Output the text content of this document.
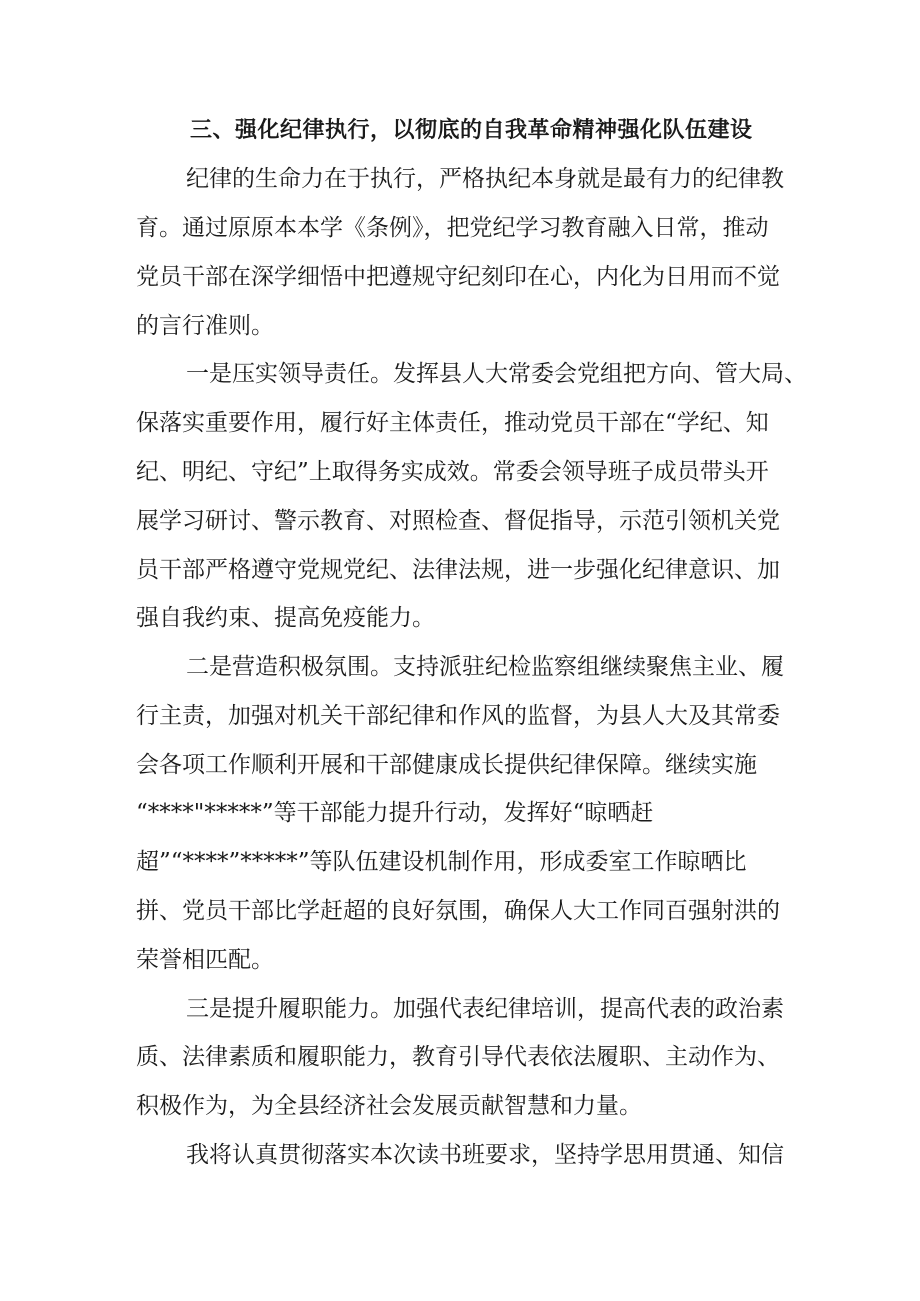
三、强化纪律执行，以彻底的自我革命精神强化队伍建设

纪律的生命力在于执行，严格执纪本身就是最有力的纪律教

育。通过原原本本学《条例》，把党纪学习教育融入日常，推动

党员干部在深学细悟中把遵规守纪刻印在心，内化为日用而不觉

的言行准则。

一是压实领导责任。发挥县人大常委会党组把方向、管大局、

保落实重要作用，履行好主体责任，推动党员干部在“学纪、知

纪、明纪、守纪”上取得务实成效。常委会领导班子成员带头开

展学习研讨、警示教育、对照检查、督促指导，示范引领机关党

员干部严格遵守党规党纪、法律法规，进一步强化纪律意识、加

强自我约束、提高免疫能力。

二是营造积极氛围。支持派驻纪检监察组继续聚焦主业、履

行主责，加强对机关干部纪律和作风的监督，为县人大及其常委

会各项工作顺利开展和干部健康成长提供纪律保障。继续实施

“****"*****”等干部能力提升行动，发挥好“晾晒赶

超”“****”*****”等队伍建设机制作用，形成委室工作晾晒比

拼、党员干部比学赶超的良好氛围，确保人大工作同百强射洪的

荣誉相匹配。

三是提升履职能力。加强代表纪律培训，提高代表的政治素

质、法律素质和履职能力，教育引导代表依法履职、主动作为、

积极作为，为全县经济社会发展贡献智慧和力量。

我将认真贯彻落实本次读书班要求，坚持学思用贯通、知信
